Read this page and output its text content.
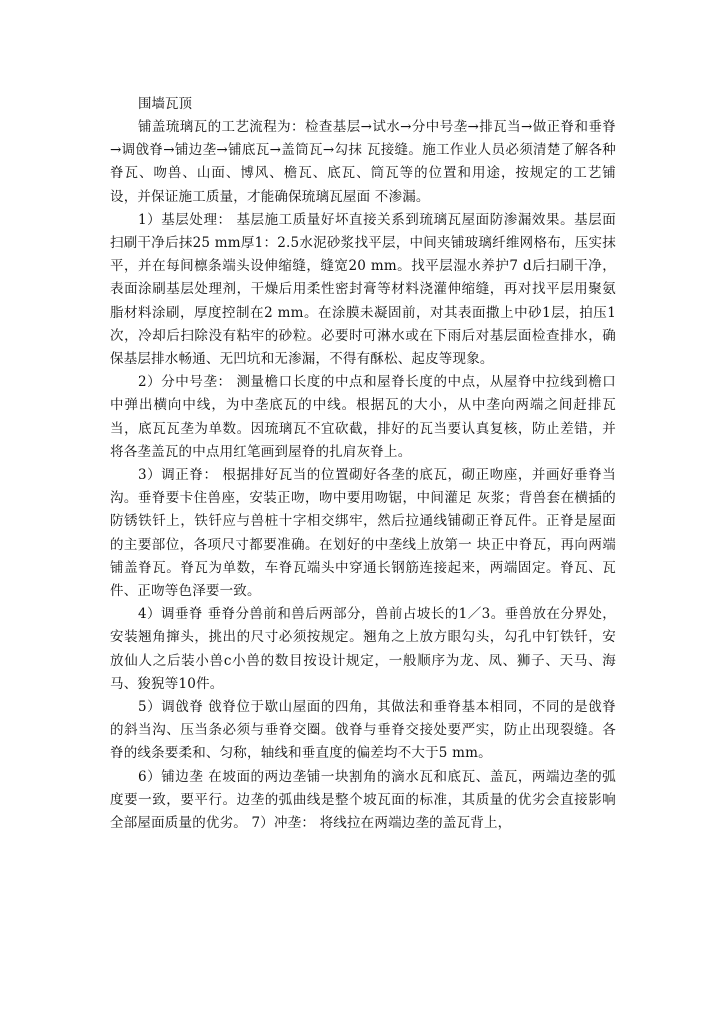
围墙瓦顶

铺盖琉璃瓦的工艺流程为：检查基层→试水→分中号垄→排瓦当→做正脊和垂脊→调戗脊→铺边垄→铺底瓦→盖筒瓦→勾抹 瓦接缝。施工作业人员必须清楚了解各种脊瓦、吻兽、山面、博风、檐瓦、底瓦、筒瓦等的位置和用途，按规定的工艺铺设，并保证施工质量，才能确保琉璃瓦屋面 不渗漏。

1）基层处理： 基层施工质量好坏直接关系到琉璃瓦屋面防渗漏效果。基层面扫刷干净后抹25 mm厚1：2.5水泥砂浆找平层，中间夹铺玻璃纤维网格布，压实抹平，并在每间檩条端头设伸缩缝，缝宽20 mm。找平层湿水养护7 d后扫刷干净，表面涂刷基层处理剂，干燥后用柔性密封膏等材料浇灌伸缩缝，再对找平层用聚氨脂材料涂刷，厚度控制在2 mm。在涂膜未凝固前，对其表面撒上中砂1层，拍压1次，冷却后扫除没有粘牢的砂粒。必要时可淋水或在下雨后对基层面检查排水，确保基层排水畅通、无凹坑和无渗漏，不得有酥松、起皮等现象。

2）分中号垄： 测量檐口长度的中点和屋脊长度的中点，从屋脊中拉线到檐口中弹出横向中线，为中垄底瓦的中线。根据瓦的大小，从中垄向两端之间赶排瓦当，底瓦瓦垄为单数。因琉璃瓦不宜砍截，排好的瓦当要认真复核，防止差错，并将各垄盖瓦的中点用红笔画到屋脊的扎肩灰脊上。

3）调正脊： 根据排好瓦当的位置砌好各垄的底瓦，砌正吻座，并画好垂脊当沟。垂脊要卡住兽座，安装正吻，吻中要用吻锯，中间灌足 灰浆；背兽套在横插的防锈铁钎上，铁钎应与兽桩十字相交绑牢，然后拉通线铺砌正脊瓦件。正脊是屋面的主要部位，各项尺寸都要准确。在划好的中垄线上放第一 块正中脊瓦，再向两端铺盖脊瓦。脊瓦为单数，车脊瓦端头中穿通长钢筋连接起来，两端固定。脊瓦、瓦件、正吻等色泽要一致。

4）调垂脊 垂脊分兽前和兽后两部分，兽前占坡长的1／3。垂兽放在分界处，安装翘角撺头，挑出的尺寸必须按规定。翘角之上放方眼勾头，勾孔中钉铁钎，安放仙人之后装小兽c小兽的数目按设计规定，一般顺序为龙、凤、狮子、天马、海马、狻猊等10件。

5）调戗脊 戗脊位于歇山屋面的四角，其做法和垂脊基本相同，不同的是戗脊的斜当沟、压当条必须与垂脊交圈。戗脊与垂脊交接处要严实，防止出现裂缝。各脊的线条要柔和、匀称，轴线和垂直度的偏差均不大于5 mm。

6）铺边垄 在坡面的两边垄铺一块割角的滴水瓦和底瓦、盖瓦，两端边垄的弧度要一致，要平行。边垄的弧曲线是整个坡瓦面的标准，其质量的优劣会直接影响全部屋面质量的优劣。 7）冲垄： 将线拉在两端边垄的盖瓦背上，
